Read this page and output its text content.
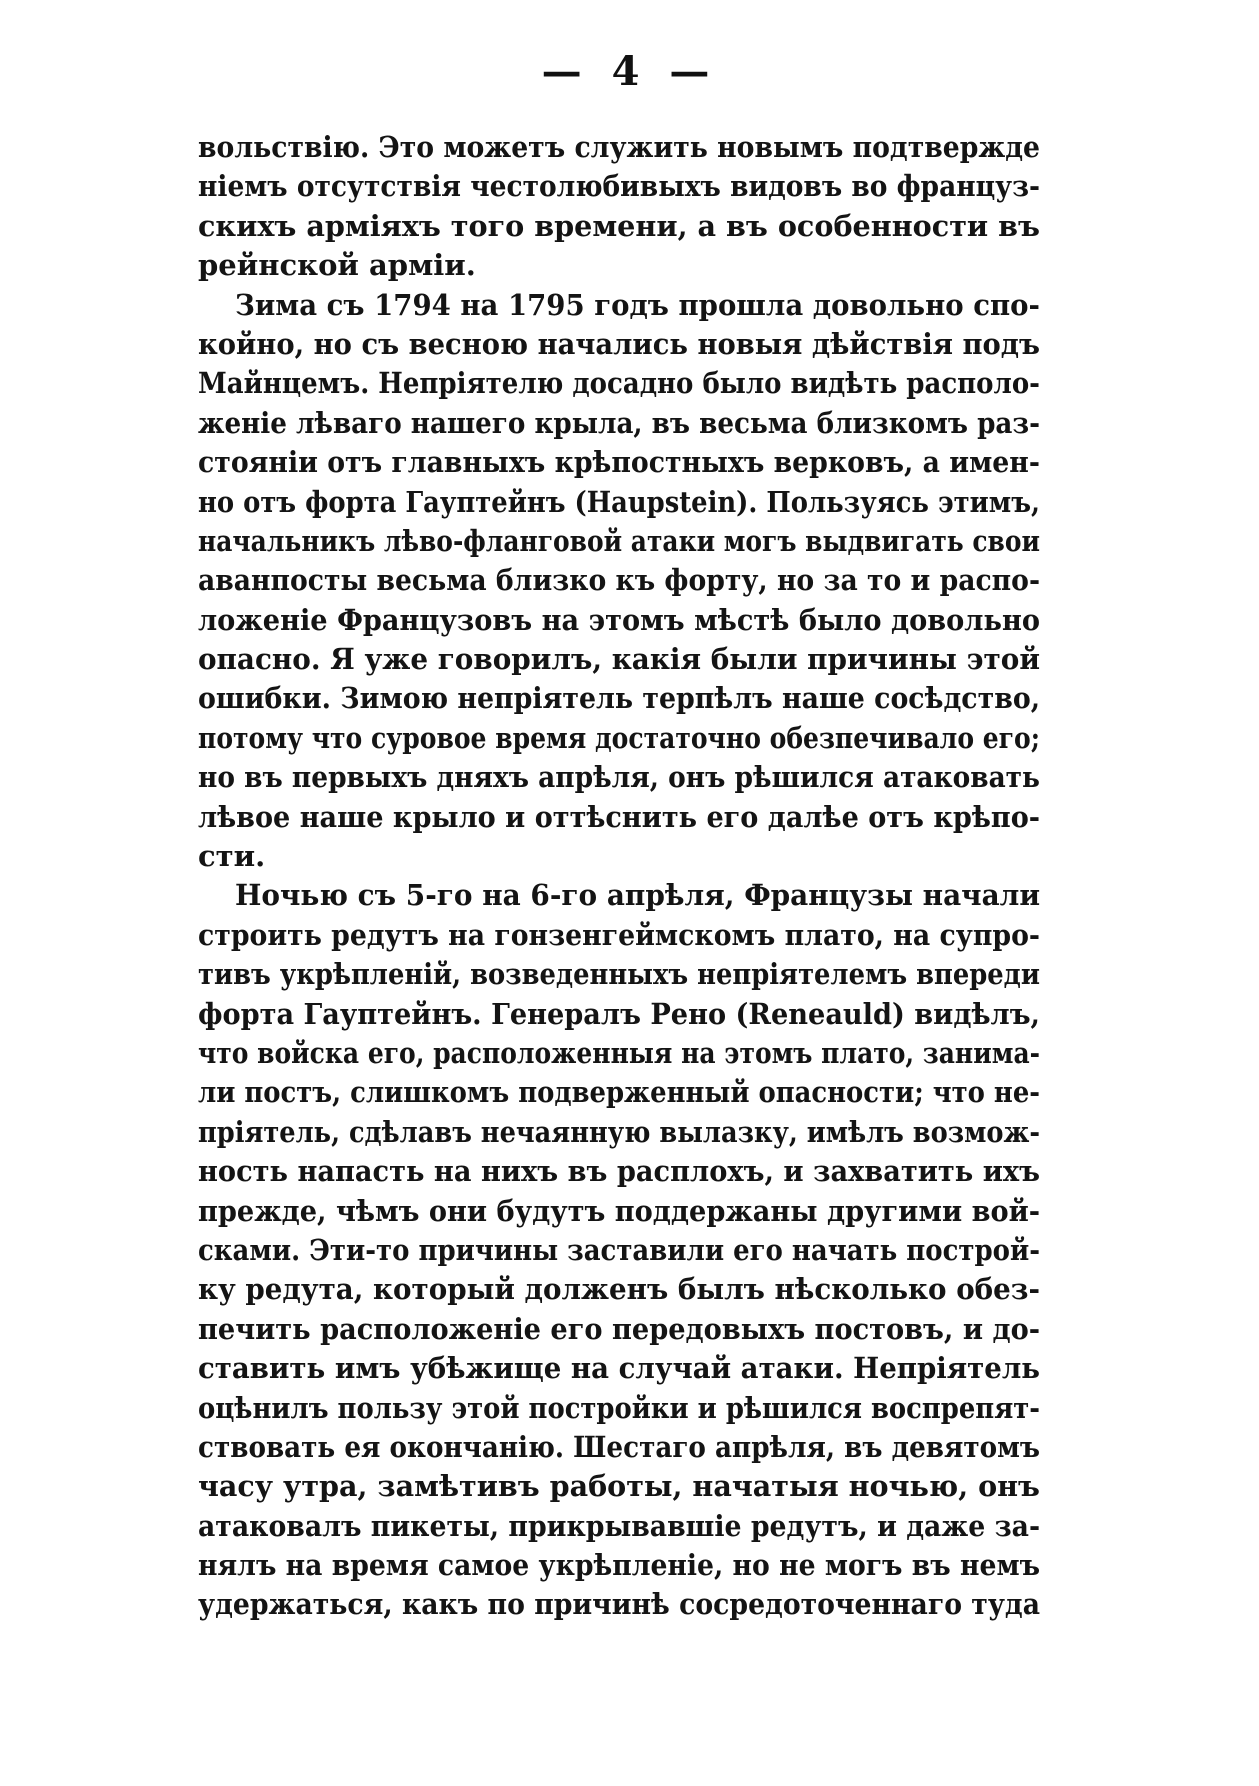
— 4 —
вольствію. Это можетъ служить новымъ подтвержде
ніемъ отсутствія честолюбивыхъ видовъ во француз-
скихъ арміяхъ того времени, а въ особенности въ
рейнской арміи.
Зима съ 1794 на 1795 годъ прошла довольно спо-
койно, но съ весною начались новыя дѣйствія подъ
Майнцемъ. Непріятелю досадно было видѣть располо-
женіе лѣваго нашего крыла, въ весьма близкомъ раз-
стояніи отъ главныхъ крѣпостныхъ верковъ, а имен-
но отъ форта Гауптейнъ (Haupstein). Пользуясь этимъ,
начальникъ лѣво-фланговой атаки могъ выдвигать свои
аванпосты весьма близко къ форту, но за то и распо-
ложеніе Французовъ на этомъ мѣстѣ было довольно
опасно. Я уже говорилъ, какія были причины этой
ошибки. Зимою непріятель терпѣлъ наше сосѣдство,
потому что суровое время достаточно обезпечивало его;
но въ первыхъ дняхъ апрѣля, онъ рѣшился атаковать
лѣвое наше крыло и оттѣснить его далѣе отъ крѣпо-
сти.
Ночью съ 5-го на 6-го апрѣля, Французы начали
строить редутъ на гонзенгеймскомъ плато, на супро-
тивъ укрѣпленій, возведенныхъ непріятелемъ впереди
форта Гауптейнъ. Генералъ Рено (Reneauld) видѣлъ,
что войска его, расположенныя на этомъ плато, занима-
ли постъ, слишкомъ подверженный опасности; что не-
пріятель, сдѣлавъ нечаянную вылазку, имѣлъ возмож-
ность напасть на нихъ въ расплохъ, и захватить ихъ
прежде, чѣмъ они будутъ поддержаны другими вой-
сками. Эти-то причины заставили его начать построй-
ку редута, который долженъ былъ нѣсколько обез-
печить расположеніе его передовыхъ постовъ, и до-
ставить имъ убѣжище на случай атаки. Непріятель
оцѣнилъ пользу этой постройки и рѣшился воспрепят-
ствовать ея окончанію. Шестаго апрѣля, въ девятомъ
часу утра, замѣтивъ работы, начатыя ночью, онъ
атаковалъ пикеты, прикрывавшіе редутъ, и даже за-
нялъ на время самое укрѣпленіе, но не могъ въ немъ
удержаться, какъ по причинѣ сосредоточеннаго туда
